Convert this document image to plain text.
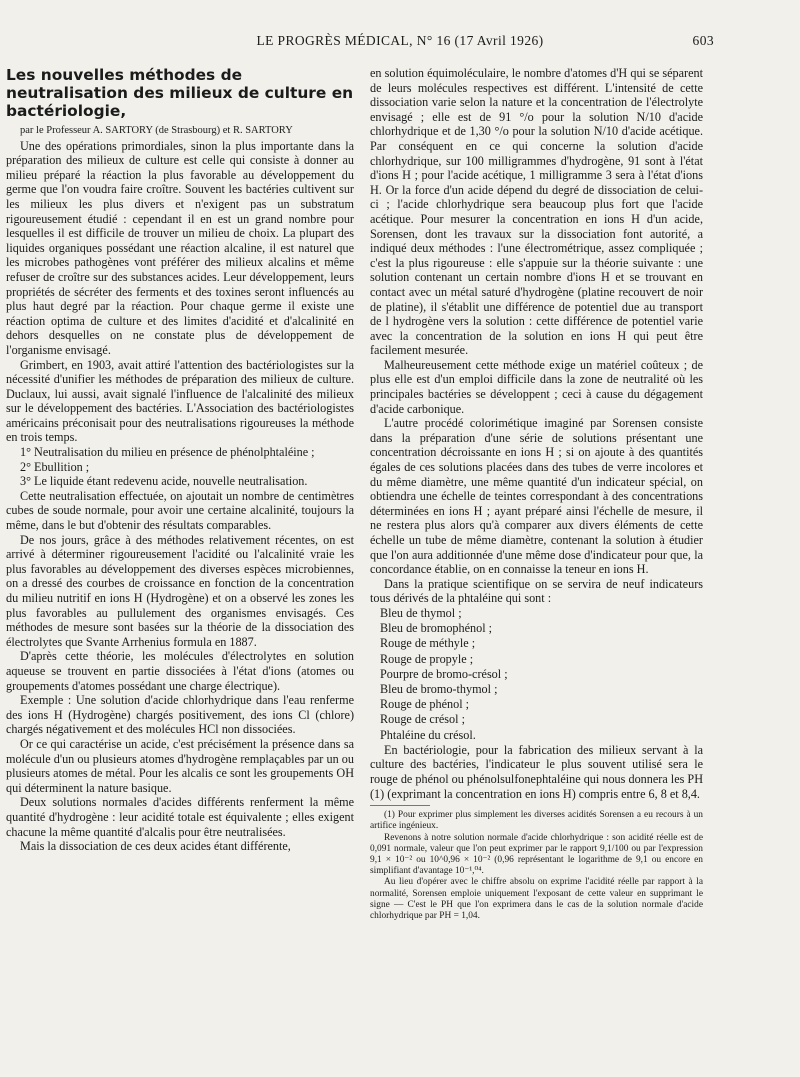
LE PROGRÈS MÉDICAL, N° 16 (17 Avril 1926)	603
Les nouvelles méthodes de neutralisation des milieux de culture en bactériologie,

par le Professeur A. SARTORY (de Strasbourg) et R. SARTORY

Une des opérations primordiales, sinon la plus importante dans la préparation des milieux de culture est celle qui consiste à donner au milieu préparé la réaction la plus favorable au développement du germe que l'on voudra faire croître. Souvent les bactéries cultivent sur les milieux les plus divers et n'exigent pas un substratum rigoureusement étudié : cependant il en est un grand nombre pour lesquelles il est difficile de trouver un milieu de choix. La plupart des liquides organiques possédant une réaction alcaline, il est naturel que les microbes pathogènes vont préférer des milieux alcalins et même refuser de croître sur des substances acides. Leur développement, leurs propriétés de sécréter des ferments et des toxines seront influencés au plus haut degré par la réaction. Pour chaque germe il existe une réaction optima de culture et des limites d'acidité et d'alcalinité en dehors desquelles on ne constate plus de développement de l'organisme envisagé.

Grimbert, en 1903, avait attiré l'attention des bactériologistes sur la nécessité d'unifier les méthodes de préparation des milieux de culture. Duclaux, lui aussi, avait signalé l'influence de l'alcalinité des milieux sur le développement des bactéries. L'Association des bactériologistes américains préconisait pour des neutralisations rigoureuses la méthode en trois temps.

1° Neutralisation du milieu en présence de phénolphtaléine ;

2° Ebullition ;

3° Le liquide étant redevenu acide, nouvelle neutralisation.

Cette neutralisation effectuée, on ajoutait un nombre de centimètres cubes de soude normale, pour avoir une certaine alcalinité, toujours la même, dans le but d'obtenir des résultats comparables.

De nos jours, grâce à des méthodes relativement récentes, on est arrivé à déterminer rigoureusement l'acidité ou l'alcalinité vraie les plus favorables au développement des diverses espèces microbiennes, on a dressé des courbes de croissance en fonction de la concentration du milieu nutritif en ions H (Hydrogène) et on a observé les zones les plus favorables au pullulement des organismes envisagés. Ces méthodes de mesure sont basées sur la théorie de la dissociation des électrolytes que Svante Arrhenius formula en 1887.

D'après cette théorie, les molécules d'électrolytes en solution aqueuse se trouvent en partie dissociées à l'état d'ions (atomes ou groupements d'atomes possédant une charge électrique).

Exemple : Une solution d'acide chlorhydrique dans l'eau renferme des ions H (Hydrogène) chargés positivement, des ions Cl (chlore) chargés négativement et des molécules HCl non dissociées.

Or ce qui caractérise un acide, c'est précisément la présence dans sa molécule d'un ou plusieurs atomes d'hydrogène remplaçables par un ou plusieurs atomes de métal. Pour les alcalis ce sont les groupements OH qui déterminent la nature basique.

Deux solutions normales d'acides différents renferment la même quantité d'hydrogène : leur acidité totale est équivalente ; elles exigent chacune la même quantité d'alcalis pour être neutralisées.

Mais la dissociation de ces deux acides étant différente,

en solution équimoléculaire, le nombre d'atomes d'H qui se séparent de leurs molécules respectives est différent. L'intensité de cette dissociation varie selon la nature et la concentration de l'électrolyte envisagé ; elle est de 91 °/o pour la solution N/10 d'acide chlorhydrique et de 1,30 °/o pour la solution N/10 d'acide acétique. Par conséquent en ce qui concerne la solution d'acide chlorhydrique, sur 100 milligrammes d'hydrogène, 91 sont à l'état d'ions H ; pour l'acide acétique, 1 milligramme 3 sera à l'état d'ions H. Or la force d'un acide dépend du degré de dissociation de celui-ci ; l'acide chlorhydrique sera beaucoup plus fort que l'acide acétique. Pour mesurer la concentration en ions H d'un acide, Sorensen, dont les travaux sur la dissociation font autorité, a indiqué deux méthodes : l'une électrométrique, assez compliquée ; c'est la plus rigoureuse : elle s'appuie sur la théorie suivante : une solution contenant un certain nombre d'ions H et se trouvant en contact avec un métal saturé d'hydrogène (platine recouvert de noir de platine), il s'établit une différence de potentiel due au transport de l hydrogène vers la solution : cette différence de potentiel varie avec la concentration de la solution en ions H qui peut être facilement mesurée.

Malheureusement cette méthode exige un matériel coûteux ; de plus elle est d'un emploi difficile dans la zone de neutralité où les principales bactéries se développent ; ceci à cause du dégagement d'acide carbonique.

L'autre procédé colorimétique imaginé par Sorensen consiste dans la préparation d'une série de solutions présentant une concentration décroissante en ions H ; si on ajoute à des quantités égales de ces solutions placées dans des tubes de verre incolores et du même diamètre, une même quantité d'un indicateur spécial, on obtiendra une échelle de teintes correspondant à des concentrations déterminées en ions H ; ayant préparé ainsi l'échelle de mesure, il ne restera plus alors qu'à comparer aux divers éléments de cette échelle un tube de même diamètre, contenant la solution à étudier que l'on aura additionnée d'une même dose d'indicateur pour que, la concordance établie, on en connaisse la teneur en ions H.

Dans la pratique scientifique on se servira de neuf indicateurs tous dérivés de la phtaléine qui sont :

Bleu de thymol ;
Bleu de bromophénol ;
Rouge de méthyle ;
Rouge de propyle ;
Pourpre de bromo-crésol ;
Bleu de bromo-thymol ;
Rouge de phénol ;
Rouge de crésol ;
Phtaléine du crésol.

En bactériologie, pour la fabrication des milieux servant à la culture des bactéries, l'indicateur le plus souvent utilisé sera le rouge de phénol ou phénolsulfonephtaléine qui nous donnera les PH (1) (exprimant la concentration en ions H) compris entre 6, 8 et 8,4.

(1) Pour exprimer plus simplement les diverses acidités Sorensen a eu recours à un artifice ingénieux.

Revenons à notre solution normale d'acide chlorhydrique : son acidité réelle est de 0,091 normale, valeur que l'on peut exprimer par le rapport 9,1/100 ou par l'expression 9,1 × 10⁻² ou 10^0,96 × 10⁻² (0,96 représentant le logarithme de 9,1 ou encore en simplifiant d'avantage 10⁻¹,⁰⁴.

Au lieu d'opérer avec le chiffre absolu on exprime l'acidité réelle par rapport à la normalité, Sorensen emploie uniquement l'exposant de cette valeur en supprimant le signe — C'est le PH que l'on exprimera dans le cas de la solution normale d'acide chlorhydrique par PH = 1,04.
